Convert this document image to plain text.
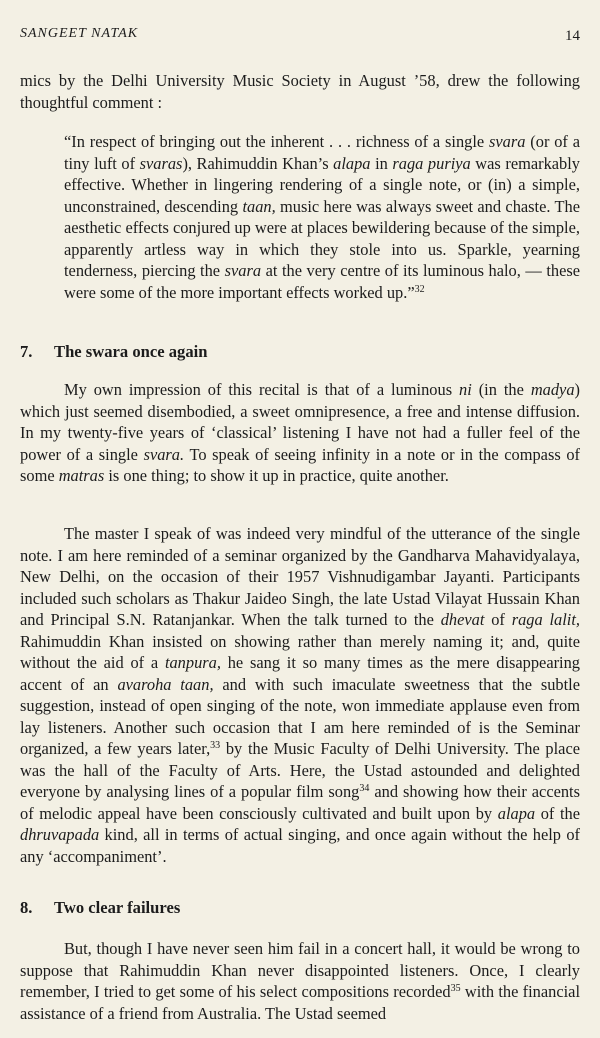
SANGEET NATAK	14

mics by the Delhi University Music Society in August ’58, drew the following thoughtful comment :

“In respect of bringing out the inherent . . . richness of a single svara (or of a tiny luft of svaras), Rahimuddin Khan’s alapa in raga puriya was remarkably effective. Whether in lingering rendering of a single note, or (in) a simple, unconstrained, descending taan, music here was always sweet and chaste. The aesthetic effects conjured up were at places bewildering because of the simple, apparently artless way in which they stole into us. Sparkle, yearning tenderness, piercing the svara at the very centre of its luminous halo, — these were some of the more important effects worked up.”$^{32}$

7. The swara once again

My own impression of this recital is that of a luminous ni (in the madya) which just seemed disembodied, a sweet omnipresence, a free and intense diffusion. In my twenty-five years of ‘classical’ listening I have not had a fuller feel of the power of a single svara. To speak of seeing infinity in a note or in the compass of some matras is one thing; to show it up in practice, quite another.

The master I speak of was indeed very mindful of the utterance of the single note. I am here reminded of a seminar organized by the Gandharva Mahavidyalaya, New Delhi, on the occasion of their 1957 Vishnudigambar Jayanti. Participants included such scholars as Thakur Jaideo Singh, the late Ustad Vilayat Hussain Khan and Principal S.N. Ratanjankar. When the talk turned to the dhevat of raga lalit, Rahimuddin Khan insisted on showing rather than merely naming it; and, quite without the aid of a tanpura, he sang it so many times as the mere disappearing accent of an avaroha taan, and with such imaculate sweetness that the subtle suggestion, instead of open singing of the note, won immediate applause even from lay listeners. Another such occasion that I am here reminded of is the Seminar organized, a few years later,$^{33}$ by the Music Faculty of Delhi University. The place was the hall of the Faculty of Arts. Here, the Ustad astounded and delighted everyone by analysing lines of a popular film song$^{34}$ and showing how their accents of melodic appeal have been consciously cultivated and built upon by alapa of the dhruvapada kind, all in terms of actual singing, and once again without the help of any ‘accompaniment’.

8. Two clear failures

But, though I have never seen him fail in a concert hall, it would be wrong to suppose that Rahimuddin Khan never disappointed listeners. Once, I clearly remember, I tried to get some of his select compositions recorded$^{35}$ with the financial assistance of a friend from Australia. The Ustad seemed
